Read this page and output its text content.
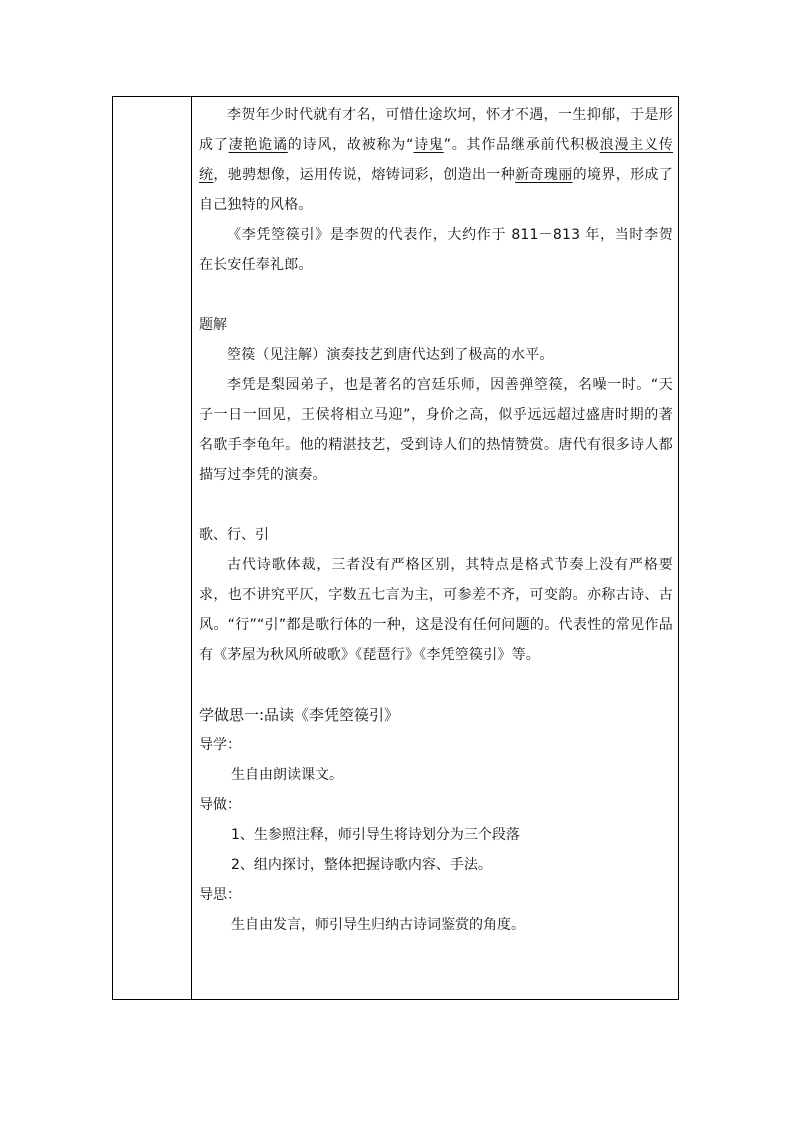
李贺年少时代就有才名，可惜仕途坎坷，怀才不遇，一生抑郁，于是形成了凄艳诡谲的诗风，故被称为“诗鬼”。其作品继承前代积极浪漫主义传统，驰骋想像，运用传说，熔铸词彩，创造出一种新奇瑰丽的境界，形成了自己独特的风格。

《李凭箜篌引》是李贺的代表作，大约作于 811－813 年，当时李贺在长安任奉礼郎。

题解

箜篌（见注解）演奏技艺到唐代达到了极高的水平。

李凭是梨园弟子，也是著名的宫廷乐师，因善弹箜篌，名噪一时。“天子一日一回见，王侯将相立马迎”，身价之高，似乎远远超过盛唐时期的著名歌手李龟年。他的精湛技艺，受到诗人们的热情赞赏。唐代有很多诗人都描写过李凭的演奏。

歌、行、引

古代诗歌体裁，三者没有严格区别，其特点是格式节奏上没有严格要求，也不讲究平仄，字数五七言为主，可参差不齐，可变韵。亦称古诗、古风。“行”“引”都是歌行体的一种，这是没有任何问题的。代表性的常见作品有《茅屋为秋风所破歌》《琵琶行》《李凭箜篌引》等。

学做思一:品读《李凭箜篌引》

导学：

生自由朗读课文。

导做：

1、生参照注释，师引导生将诗划分为三个段落

2、组内探讨，整体把握诗歌内容、手法。

导思：

生自由发言，师引导生归纳古诗词鉴赏的角度。
